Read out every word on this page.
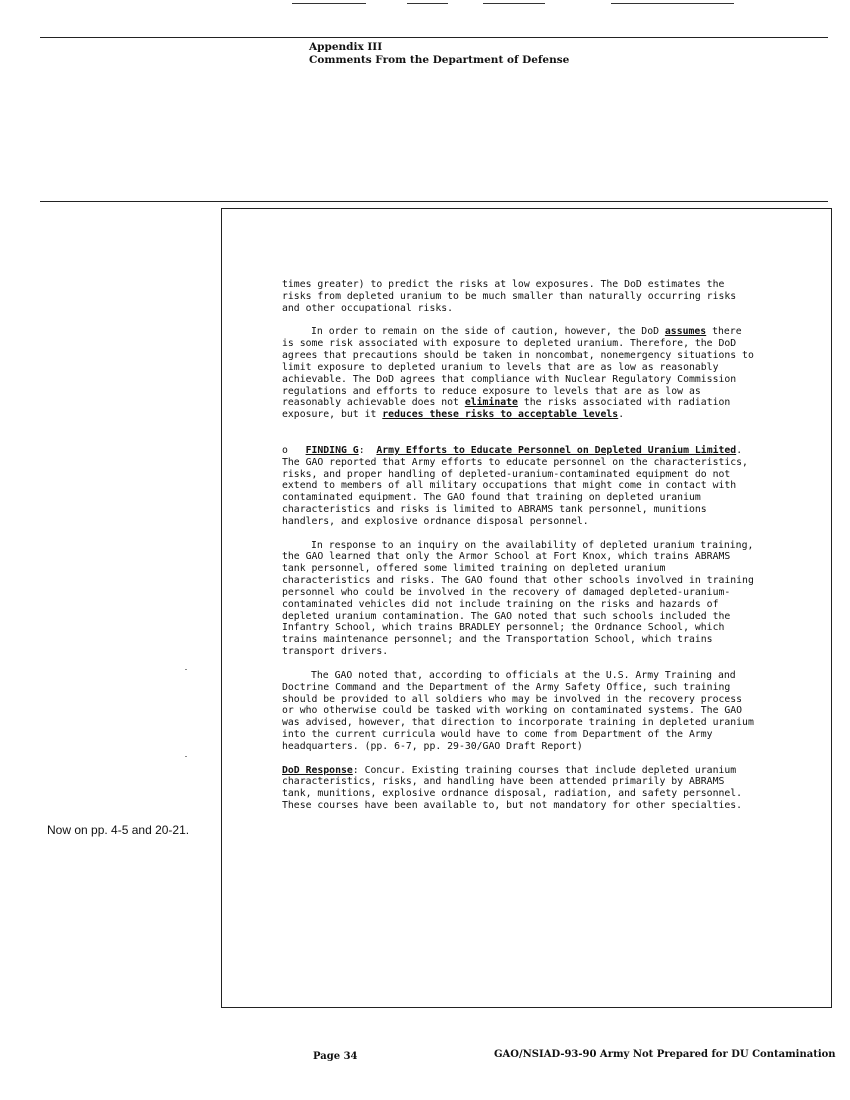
Appendix III
Comments From the Department of Defense

times greater) to predict the risks at low exposures. The DoD estimates the risks from depleted uranium to be much smaller than naturally occurring risks and other occupational risks.

In order to remain on the side of caution, however, the DoD assumes there is some risk associated with exposure to depleted uranium. Therefore, the DoD agrees that precautions should be taken in noncombat, nonemergency situations to limit exposure to depleted uranium to levels that are as low as reasonably achievable. The DoD agrees that compliance with Nuclear Regulatory Commission regulations and efforts to reduce exposure to levels that are as low as reasonably achievable does not eliminate the risks associated with radiation exposure, but it reduces these risks to acceptable levels.

o   FINDING G:  Army Efforts to Educate Personnel on Depleted Uranium Limited. The GAO reported that Army efforts to educate personnel on the characteristics, risks, and proper handling of depleted-uranium-contaminated equipment do not extend to members of all military occupations that might come in contact with contaminated equipment. The GAO found that training on depleted uranium characteristics and risks is limited to ABRAMS tank personnel, munitions handlers, and explosive ordnance disposal personnel.

In response to an inquiry on the availability of depleted uranium training, the GAO learned that only the Armor School at Fort Knox, which trains ABRAMS tank personnel, offered some limited training on depleted uranium characteristics and risks. The GAO found that other schools involved in training personnel who could be involved in the recovery of damaged depleted-uranium-contaminated vehicles did not include training on the risks and hazards of depleted uranium contamination. The GAO noted that such schools included the Infantry School, which trains BRADLEY personnel; the Ordnance School, which trains maintenance personnel; and the Transportation School, which trains transport drivers.

The GAO noted that, according to officials at the U.S. Army Training and Doctrine Command and the Department of the Army Safety Office, such training should be provided to all soldiers who may be involved in the recovery process or who otherwise could be tasked with working on contaminated systems. The GAO was advised, however, that direction to incorporate training in depleted uranium into the current curricula would have to come from Department of the Army headquarters. (pp. 6-7, pp. 29-30/GAO Draft Report)

DoD Response: Concur. Existing training courses that include depleted uranium characteristics, risks, and handling have been attended primarily by ABRAMS tank, munitions, explosive ordnance disposal, radiation, and safety personnel. These courses have been available to, but not mandatory for other specialties.

Now on pp. 4-5 and 20-21.
Page 34	GAO/NSIAD-93-90 Army Not Prepared for DU Contamination
